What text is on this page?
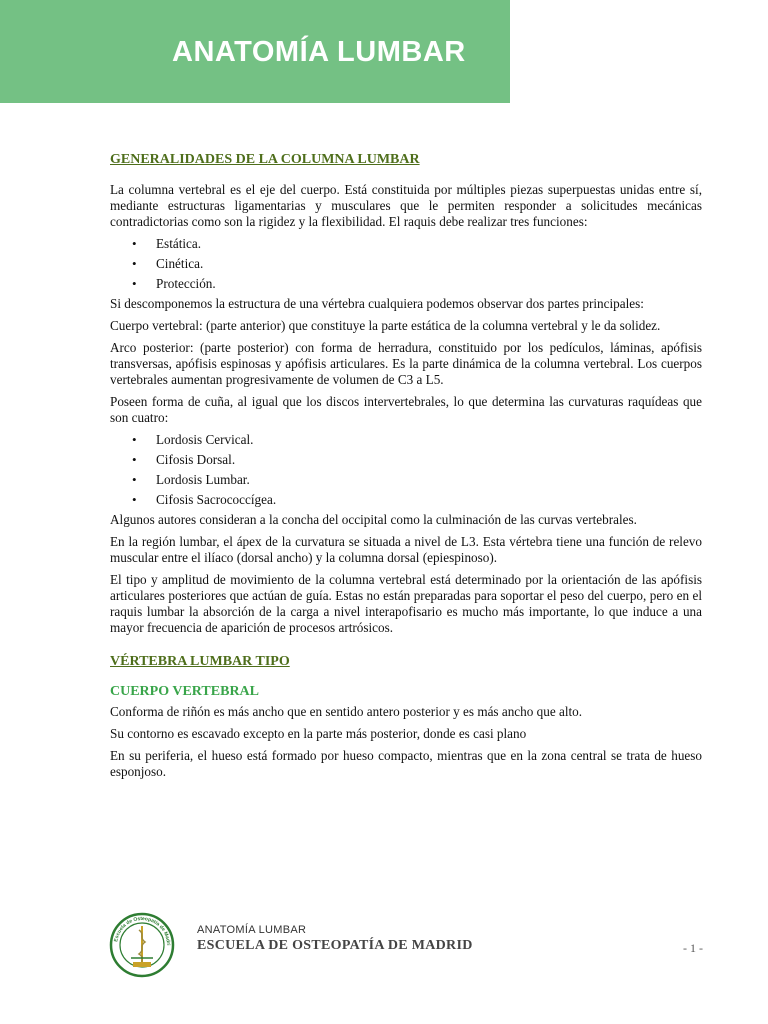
ANATOMÍA LUMBAR
GENERALIDADES DE LA COLUMNA LUMBAR

La columna vertebral es el eje del cuerpo. Está constituida por múltiples piezas superpuestas unidas entre sí, mediante estructuras ligamentarias y musculares que le permiten responder a solicitudes mecánicas contradictorias como son la rigidez y la flexibilidad. El raquis debe realizar tres funciones:

• Estática.
• Cinética.
• Protección.

Si descomponemos la estructura de una vértebra cualquiera podemos observar dos partes principales:

Cuerpo vertebral: (parte anterior) que constituye la parte estática de la columna vertebral y le da solidez.

Arco posterior: (parte posterior) con forma de herradura, constituido por los pedículos, láminas, apófisis transversas, apófisis espinosas y apófisis articulares. Es la parte dinámica de la columna vertebral. Los cuerpos vertebrales aumentan progresivamente de volumen de C3 a L5.

Poseen forma de cuña, al igual que los discos intervertebrales, lo que determina las curvaturas raquídeas que son cuatro:

• Lordosis Cervical.
• Cifosis Dorsal.
• Lordosis Lumbar.
• Cifosis Sacrococcígea.

Algunos autores consideran a la concha del occipital como la culminación de las curvas vertebrales.

En la región lumbar, el ápex de la curvatura se situada a nivel de L3. Esta vértebra tiene una función de relevo muscular entre el ilíaco (dorsal ancho) y la columna dorsal (epiespinoso).

El tipo y amplitud de movimiento de la columna vertebral está determinado por la orientación de las apófisis articulares posteriores que actúan de guía. Estas no están preparadas para soportar el peso del cuerpo, pero en el raquis lumbar la absorción de la carga a nivel interapofisario es mucho más importante, lo que induce a una mayor frecuencia de aparición de procesos artrósicos.

VÉRTEBRA LUMBAR TIPO
CUERPO VERTEBRAL

Conforma de riñón es más ancho que en sentido antero posterior y es más ancho que alto.

Su contorno es escavado excepto en la parte más posterior, donde es casi plano

En su periferia, el hueso está formado por hueso compacto, mientras que en la zona central se trata de hueso esponjoso.

Escuela de Osteopatía de Madri
ANATOMÍA LUMBAR
ESCUELA DE OSTEOPATÍA DE MADRID	- 1 -
